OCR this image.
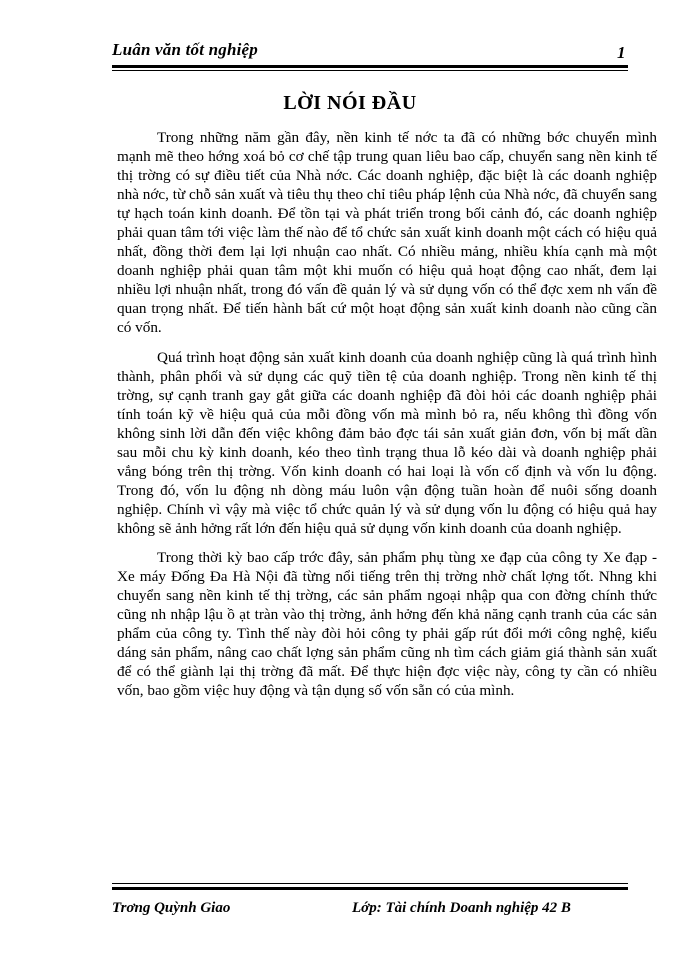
Luân văn tốt nghiệp	1
LỜI NÓI ĐẦU

Trong những năm gần đây, nền kinh tế nớc ta đã có những bớc chuyển mình mạnh mẽ theo hớng xoá bỏ cơ chế tập trung quan liêu bao cấp, chuyển sang nền kinh tế thị trờng có sự điều tiết của Nhà nớc. Các doanh nghiệp, đặc biệt là các doanh nghiệp nhà nớc, từ chỗ sản xuất và tiêu thụ theo chỉ tiêu pháp lệnh của Nhà nớc, đã chuyển sang tự hạch toán kinh doanh. Để tồn tại và phát triển trong bối cảnh đó, các doanh nghiệp phải quan tâm tới việc làm thế nào để tổ chức sản xuất kinh doanh một cách có hiệu quả nhất, đồng thời đem lại lợi nhuận cao nhất. Có nhiều mảng, nhiều khía cạnh mà một doanh nghiệp phải quan tâm một khi muốn có hiệu quả hoạt động cao nhất, đem lại nhiều lợi nhuận nhất, trong đó vấn đề quản lý và sử dụng vốn có thể đợc xem nh vấn đề quan trọng nhất. Để tiến hành bất cứ một hoạt động sản xuất kinh doanh nào cũng cần có vốn.

Quá trình hoạt động sản xuất kinh doanh của doanh nghiệp cũng là quá trình hình thành, phân phối và sử dụng các quỹ tiền tệ của doanh nghiệp. Trong nền kinh tế thị trờng, sự cạnh tranh gay gắt giữa các doanh nghiệp đã đòi hỏi các doanh nghiệp phải tính toán kỹ về hiệu quả của mỗi đồng vốn mà mình bỏ ra, nếu không thì đồng vốn không sinh lời dẫn đến việc không đảm bảo đợc tái sản xuất giản đơn, vốn bị mất dần sau mỗi chu kỳ kinh doanh, kéo theo tình trạng thua lỗ kéo dài và doanh nghiệp phải vắng bóng trên thị trờng. Vốn kinh doanh có hai loại là vốn cố định và vốn lu động. Trong đó, vốn lu động nh dòng máu luôn vận động tuần hoàn để nuôi sống doanh nghiệp. Chính vì vậy mà việc tổ chức quản lý và sử dụng vốn lu động có hiệu quả hay không sẽ ảnh hởng rất lớn đến hiệu quả sử dụng vốn kinh doanh của doanh nghiệp.

Trong thời kỳ bao cấp trớc đây, sản phẩm phụ tùng xe đạp của công ty Xe đạp - Xe máy Đống Đa Hà Nội đã từng nổi tiếng trên thị trờng nhờ chất lợng tốt. Nhng khi chuyển sang nền kinh tế thị trờng, các sản phẩm ngoại nhập qua con đờng chính thức cũng nh nhập lậu ồ ạt tràn vào thị trờng, ảnh hởng đến khả năng cạnh tranh của các sản phẩm của công ty. Tình thế này đòi hỏi công ty phải gấp rút đổi mới công nghệ, kiểu dáng sản phẩm, nâng cao chất lợng sản phẩm cũng nh tìm cách giảm giá thành sản xuất để có thể giành lại thị trờng đã mất. Để thực hiện đợc việc này, công ty cần có nhiều vốn, bao gồm việc huy động và tận dụng số vốn sẵn có của mình.

Trơng Quỳnh Giao	Lớp: Tài chính Doanh nghiệp 42 B
